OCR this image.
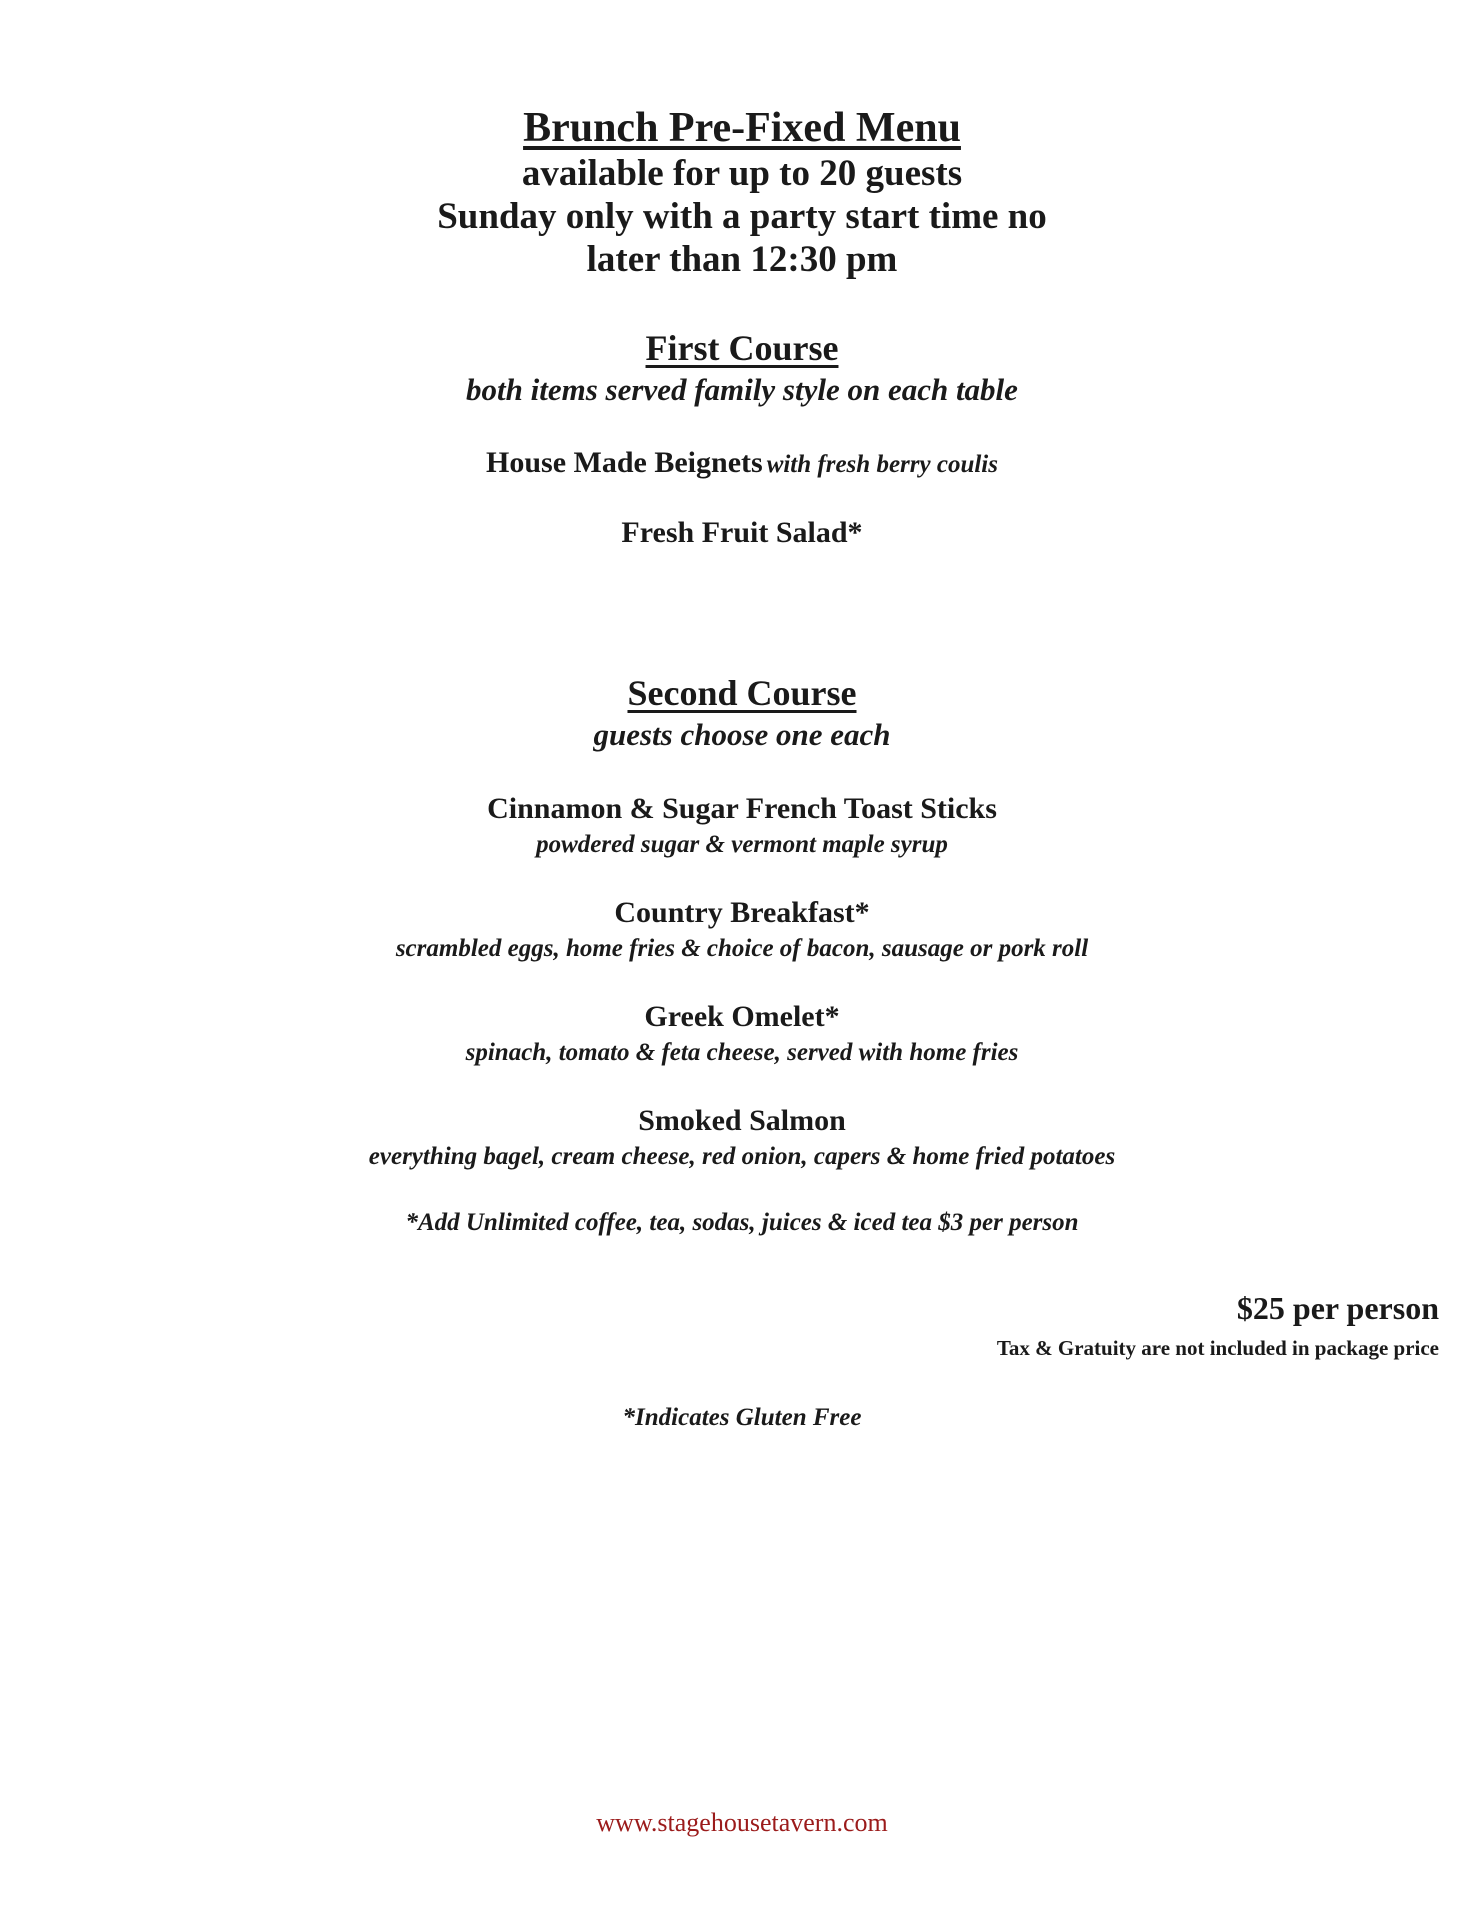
Brunch Pre-Fixed Menu
available for up to 20 guests
Sunday only with a party start time no
later than 12:30 pm
First Course
both items served family style on each table
House Made Beignets with fresh berry coulis
Fresh Fruit Salad*
Second Course
guests choose one each
Cinnamon & Sugar French Toast Sticks
powdered sugar & vermont maple syrup
Country Breakfast*
scrambled eggs, home fries & choice of bacon, sausage or pork roll
Greek Omelet*
spinach, tomato & feta cheese, served with home fries
Smoked Salmon
everything bagel, cream cheese, red onion, capers & home fried potatoes
*Add Unlimited coffee, tea, sodas, juices & iced tea $3 per person
$25 per person
Tax & Gratuity are not included in package price
*Indicates Gluten Free
www.stagehousetavern.com
